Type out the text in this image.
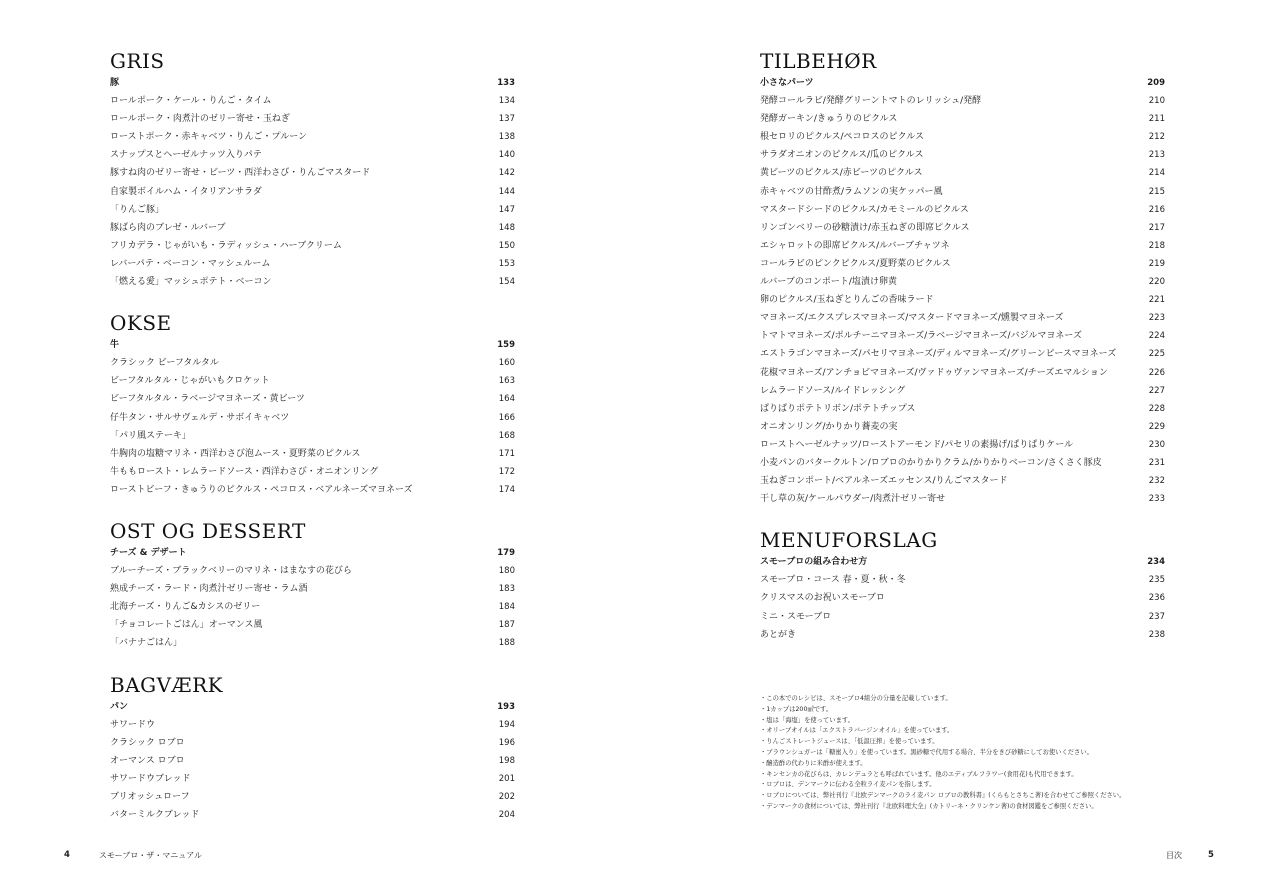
GRIS
豚	133
ロールポーク・ケール・りんご・タイム	134
ロールポーク・肉煮汁のゼリー寄せ・玉ねぎ	137
ローストポーク・赤キャベツ・りんご・プルーン	138
スナップスとヘーゼルナッツ入りパテ	140
豚すね肉のゼリー寄せ・ビーツ・西洋わさび・りんごマスタード	142
自家製ボイルハム・イタリアンサラダ	144
「りんご豚」	147
豚ばら肉のブレゼ・ルバーブ	148
フリカデラ・じゃがいも・ラディッシュ・ハーブクリーム	150
レバーパテ・ベーコン・マッシュルーム	153
「燃える愛」マッシュポテト・ベーコン	154
OKSE
牛	159
クラシック ビーフタルタル	160
ビーフタルタル・じゃがいもクロケット	163
ビーフタルタル・ラベージマヨネーズ・黄ビーツ	164
仔牛タン・サルサヴェルデ・サボイキャベツ	166
「パリ風ステーキ」	168
牛胸肉の塩糖マリネ・西洋わさび泡ムース・夏野菜のピクルス	171
牛ももロースト・レムラードソース・西洋わさび・オニオンリング	172
ローストビーフ・きゅうりのピクルス・ペコロス・ベアルネーズマヨネーズ	174
OST OG DESSERT
チーズ & デザート	179
ブルーチーズ・ブラックベリーのマリネ・はまなすの花びら	180
熟成チーズ・ラード・肉煮汁ゼリー寄せ・ラム酒	183
北海チーズ・りんご&カシスのゼリー	184
「チョコレートごはん」オーマンス風	187
「バナナごはん」	188
BAGVÆRK
パン	193
サワードウ	194
クラシック ロブロ	196
オーマンス ロブロ	198
サワードウブレッド	201
ブリオッシュローフ	202
バターミルクブレッド	204
TILBEHØR
小さなパーツ	209
発酵コールラビ/発酵グリーントマトのレリッシュ/発酵	210
発酵ガーキン/きゅうりのピクルス	211
根セロリのピクルス/ペコロスのピクルス	212
サラダオニオンのピクルス/瓜のピクルス	213
黄ビーツのピクルス/赤ビーツのピクルス	214
赤キャベツの甘酢煮/ラムソンの実ケッパー風	215
マスタードシードのピクルス/カモミールのピクルス	216
リンゴンベリーの砂糖漬け/赤玉ねぎの即席ピクルス	217
エシャロットの即席ピクルス/ルバーブチャツネ	218
コールラビのピンクピクルス/夏野菜のピクルス	219
ルバーブのコンポート/塩漬け卵黄	220
卵のピクルス/玉ねぎとりんごの香味ラード	221
マヨネーズ/エクスプレスマヨネーズ/マスタードマヨネーズ/燻製マヨネーズ	223
トマトマヨネーズ/ポルチーニマヨネーズ/ラベージマヨネーズ/バジルマヨネーズ	224
エストラゴンマヨネーズ/パセリマヨネーズ/ディルマヨネーズ/グリーンピースマヨネーズ	225
花椒マヨネーズ/アンチョビマヨネーズ/ヴァドゥヴァンマヨネーズ/チーズエマルション	226
レムラードソース/ルイドレッシング	227
ぱりぱりポテトリボン/ポテトチップス	228
オニオンリング/かりかり蕎麦の実	229
ローストヘーゼルナッツ/ローストアーモンド/パセリの素揚げ/ぱりぱりケール	230
小麦パンのバタークルトン/ロブロのかりかりクラム/かりかりベーコン/さくさく豚皮	231
玉ねぎコンポート/ベアルネーズエッセンス/りんごマスタード	232
干し草の灰/ケールパウダー/肉煮汁ゼリー寄せ	233
MENUFORSLAG
スモーブロの組み合わせ方	234
スモーブロ・コース 春・夏・秋・冬	235
クリスマスのお祝いスモーブロ	236
ミニ・スモーブロ	237
あとがき	238
・この本でのレシピは、スモーブロ4組分の分量を記載しています。
・1カップは200㎖です。
・塩は「海塩」を使っています。
・オリーブオイルは「エクストラバージンオイル」を使っています。
・りんごストレートジュースは、「低温圧搾」を使っています。
・ブラウンシュガーは「糖蜜入り」を使っています。黒砂糖で代用する場合、半分をきび砂糖にしてお使いください。
・醸造酢の代わりに米酢が使えます。
・キンセンカの花びらは、カレンデュラとも呼ばれています。他のエディブルフラワー(食用花)も代用できます。
・ロブロは、デンマークに伝わる全粒ライ麦パンを指します。
・ロブロについては、弊社刊行『北欧デンマークのライ麦パン ロブロの教科書』(くらもとさちこ著)を合わせてご参照ください。
・デンマークの食材については、弊社刊行『北欧料理大全』(カトリーネ・クリンケン著)の食材図鑑をご参照ください。
4	スモーブロ・ザ・マニュアル	目次	5
